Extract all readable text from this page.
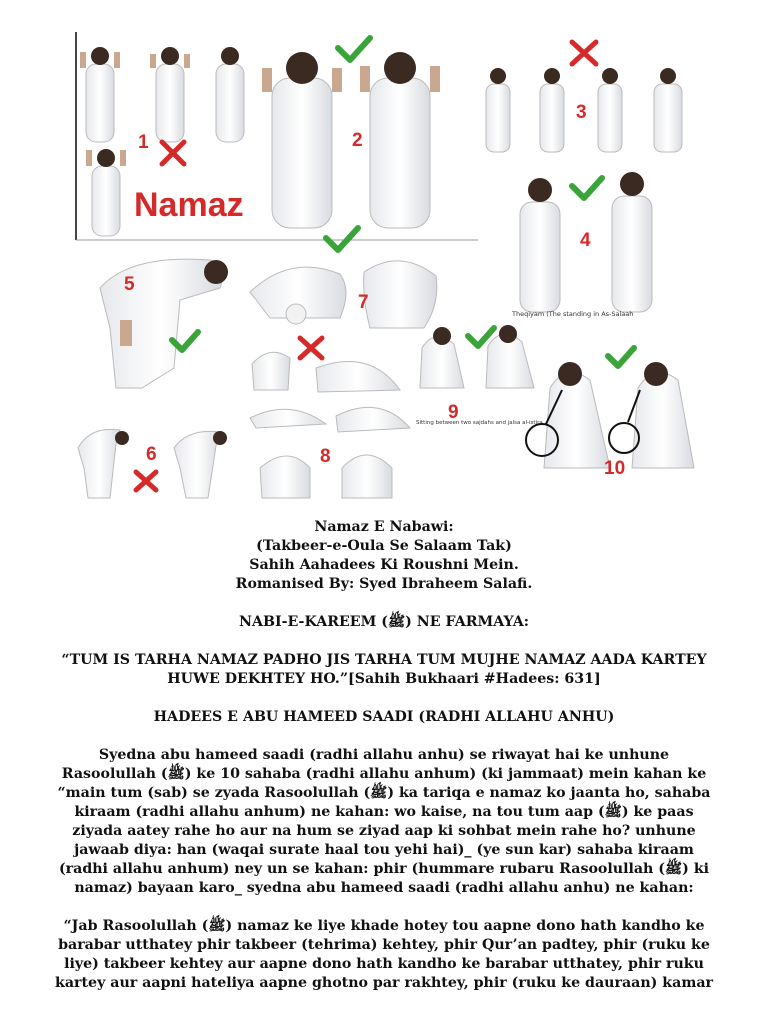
Theqiyam (The standing in As-Salaah
Sitting between two sajdahs and jalsa al-istira
Namaz
1	2
3
4
5
6
7
8
9
10

Namaz E Nabawi:
(Takbeer-e-Oula Se Salaam Tak)
Sahih Aahadees Ki Roushni Mein.
Romanised By: Syed Ibraheem Salafi.

NABI-E-KAREEM (ﷺ) NE FARMAYA:

“TUM IS TARHA NAMAZ PADHO JIS TARHA TUM MUJHE NAMAZ AADA KARTEY
HUWE DEKHTEY HO.”[Sahih Bukhaari #Hadees: 631]

HADEES E ABU HAMEED SAADI (RADHI ALLAHU ANHU)

Syedna abu hameed saadi (radhi allahu anhu) se riwayat hai ke unhune
Rasoolullah (ﷺ) ke 10 sahaba (radhi allahu anhum) (ki jammaat) mein kahan ke
“main tum (sab) se zyada Rasoolullah (ﷺ) ka tariqa e namaz ko jaanta ho, sahaba
kiraam (radhi allahu anhum) ne kahan: wo kaise, na tou tum aap (ﷺ) ke paas
ziyada aatey rahe ho aur na hum se ziyad aap ki sohbat mein rahe ho? unhune
jawaab diya: han (waqai surate haal tou yehi hai)_ (ye sun kar) sahaba kiraam
(radhi allahu anhum) ney un se kahan: phir (hummare rubaru Rasoolullah (ﷺ) ki
namaz) bayaan karo_ syedna abu hameed saadi (radhi allahu anhu) ne kahan:

“Jab Rasoolullah (ﷺ) namaz ke liye khade hotey tou aapne dono hath kandho ke
barabar utthatey phir takbeer (tehrima) kehtey, phir Qur’an padtey, phir (ruku ke
liye) takbeer kehtey aur aapne dono hath kandho ke barabar utthatey, phir ruku
kartey aur aapni hateliya aapne ghotno par rakhtey, phir (ruku ke dauraan) kamar
